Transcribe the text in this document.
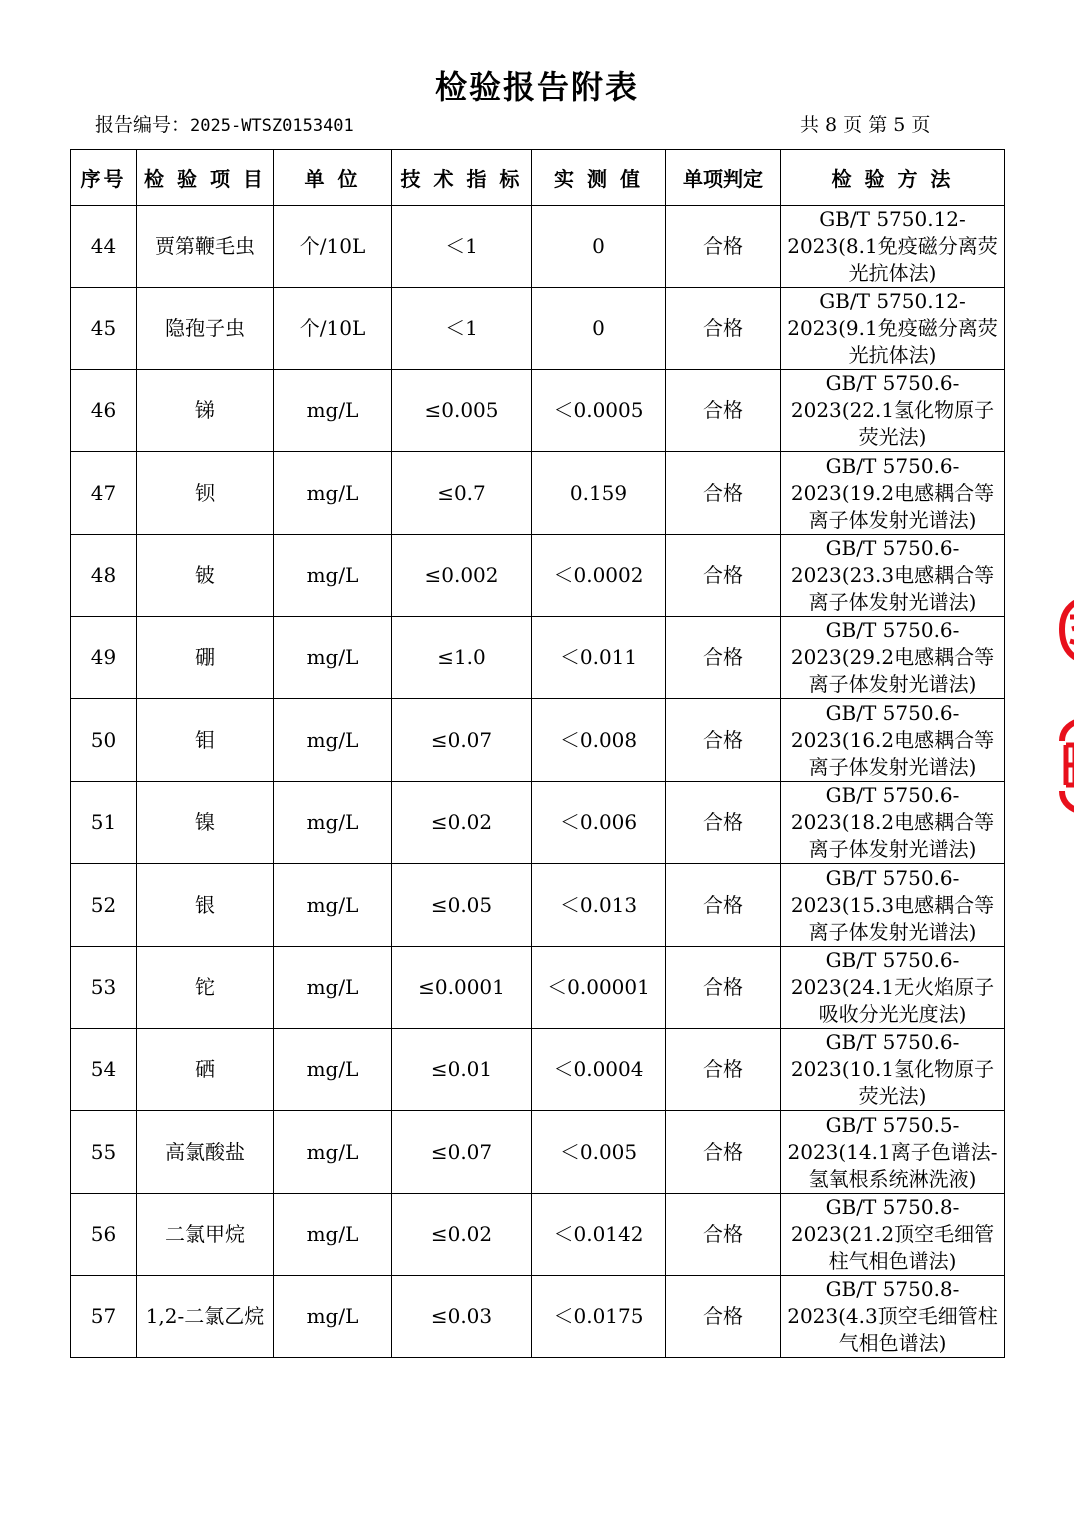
检验报告附表
报告编号：2025-WTSZ0153401	共 8 页 第 5 页
序号	检 验 项 目	单 位	技 术 指 标	实 测 值	单项判定	检 验 方 法
44	贾第鞭毛虫	个/10L	＜1	0	合格	GB/T 5750.12-2023(8.1免疫磁分离荧光抗体法)
45	隐孢子虫	个/10L	＜1	0	合格	GB/T 5750.12-2023(9.1免疫磁分离荧光抗体法)
46	锑	mg/L	≤0.005	＜0.0005	合格	GB/T 5750.6-2023(22.1氢化物原子荧光法)
47	钡	mg/L	≤0.7	0.159	合格	GB/T 5750.6-2023(19.2电感耦合等离子体发射光谱法)
48	铍	mg/L	≤0.002	＜0.0002	合格	GB/T 5750.6-2023(23.3电感耦合等离子体发射光谱法)
49	硼	mg/L	≤1.0	＜0.011	合格	GB/T 5750.6-2023(29.2电感耦合等离子体发射光谱法)
50	钼	mg/L	≤0.07	＜0.008	合格	GB/T 5750.6-2023(16.2电感耦合等离子体发射光谱法)
51	镍	mg/L	≤0.02	＜0.006	合格	GB/T 5750.6-2023(18.2电感耦合等离子体发射光谱法)
52	银	mg/L	≤0.05	＜0.013	合格	GB/T 5750.6-2023(15.3电感耦合等离子体发射光谱法)
53	铊	mg/L	≤0.0001	＜0.00001	合格	GB/T 5750.6-2023(24.1无火焰原子吸收分光光度法)
54	硒	mg/L	≤0.01	＜0.0004	合格	GB/T 5750.6-2023(10.1氢化物原子荧光法)
55	高氯酸盐	mg/L	≤0.07	＜0.005	合格	GB/T 5750.5-2023(14.1离子色谱法-氢氧根系统淋洗液)
56	二氯甲烷	mg/L	≤0.02	＜0.0142	合格	GB/T 5750.8-2023(21.2顶空毛细管柱气相色谱法)
57	1,2-二氯乙烷	mg/L	≤0.03	＜0.0175	合格	GB/T 5750.8-2023(4.3顶空毛细管柱气相色谱法)
